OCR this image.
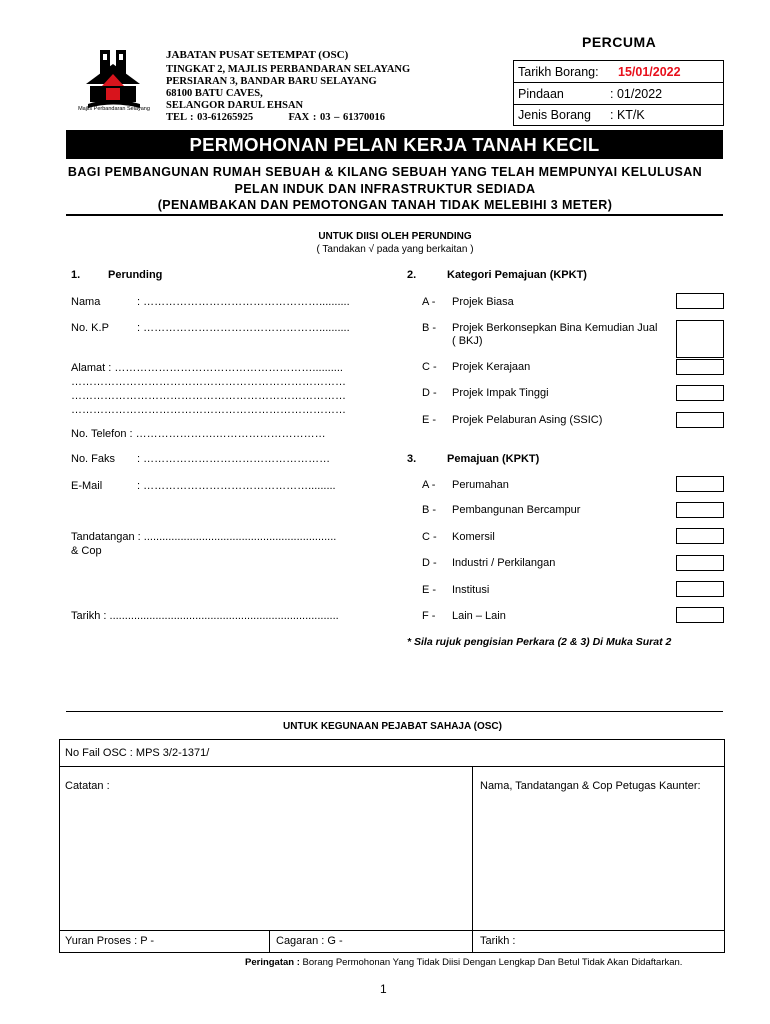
PERCUMA
Majlis Perbandaran Selayang
JABATAN PUSAT SETEMPAT (OSC)
TINGKAT 2, MAJLIS PERBANDARAN SELAYANG
PERSIARAN 3, BANDAR BARU SELAYANG
68100 BATU CAVES,
SELANGOR DARUL EHSAN
TEL : 03-61265925	FAX : 03 – 61370016
Tarikh Borang: 15/01/2022
Pindaan	: 01/2022
Jenis Borang : KT/K
PERMOHONAN PELAN KERJA TANAH KECIL
BAGI PEMBANGUNAN RUMAH SEBUAH & KILANG SEBUAH YANG TELAH MEMPUNYAI KELULUSAN
PELAN INDUK DAN INFRASTRUKTUR SEDIADA
(PENAMBAKAN DAN PEMOTONGAN TANAH TIDAK MELEBIHI 3 METER)
UNTUK DIISI OLEH PERUNDING
( Tandakan √ pada yang berkaitan )
1.	Perunding
Nama	: …………………………………………..........
No. K.P	: …………………………………………..........
Alamat : ………………………………………………..........
…………………………………………………………………
…………………………………………………………………
…………………………………………………………………
No. Telefon : ………………….…………………………
No. Faks : ……………………………………………
E-Mail	: ……………………………………….........
Tandatangan : ...............................................................
& Cop
Tarikh : ...........................................................................
2.	Kategori Pemajuan (KPKT)
A - Projek Biasa
B - Projek Berkonsepkan Bina Kemudian Jual
( BKJ)
C - Projek Kerajaan
D - Projek Impak Tinggi
E - Projek Pelaburan Asing (SSIC)
3.	Pemajuan (KPKT)
A - Perumahan
B - Pembangunan Bercampur
C - Komersil
D - Industri / Perkilangan
E - Institusi
F - Lain – Lain
* Sila rujuk pengisian Perkara (2 & 3) Di Muka Surat 2
UNTUK KEGUNAAN PEJABAT SAHAJA (OSC)
No Fail OSC : MPS 3/2-1371/
Catatan :	Nama, Tandatangan & Cop Petugas Kaunter:
Yuran Proses : P -	Cagaran : G -	Tarikh :
Peringatan : Borang Permohonan Yang Tidak Diisi Dengan Lengkap Dan Betul Tidak Akan Didaftarkan.
1
